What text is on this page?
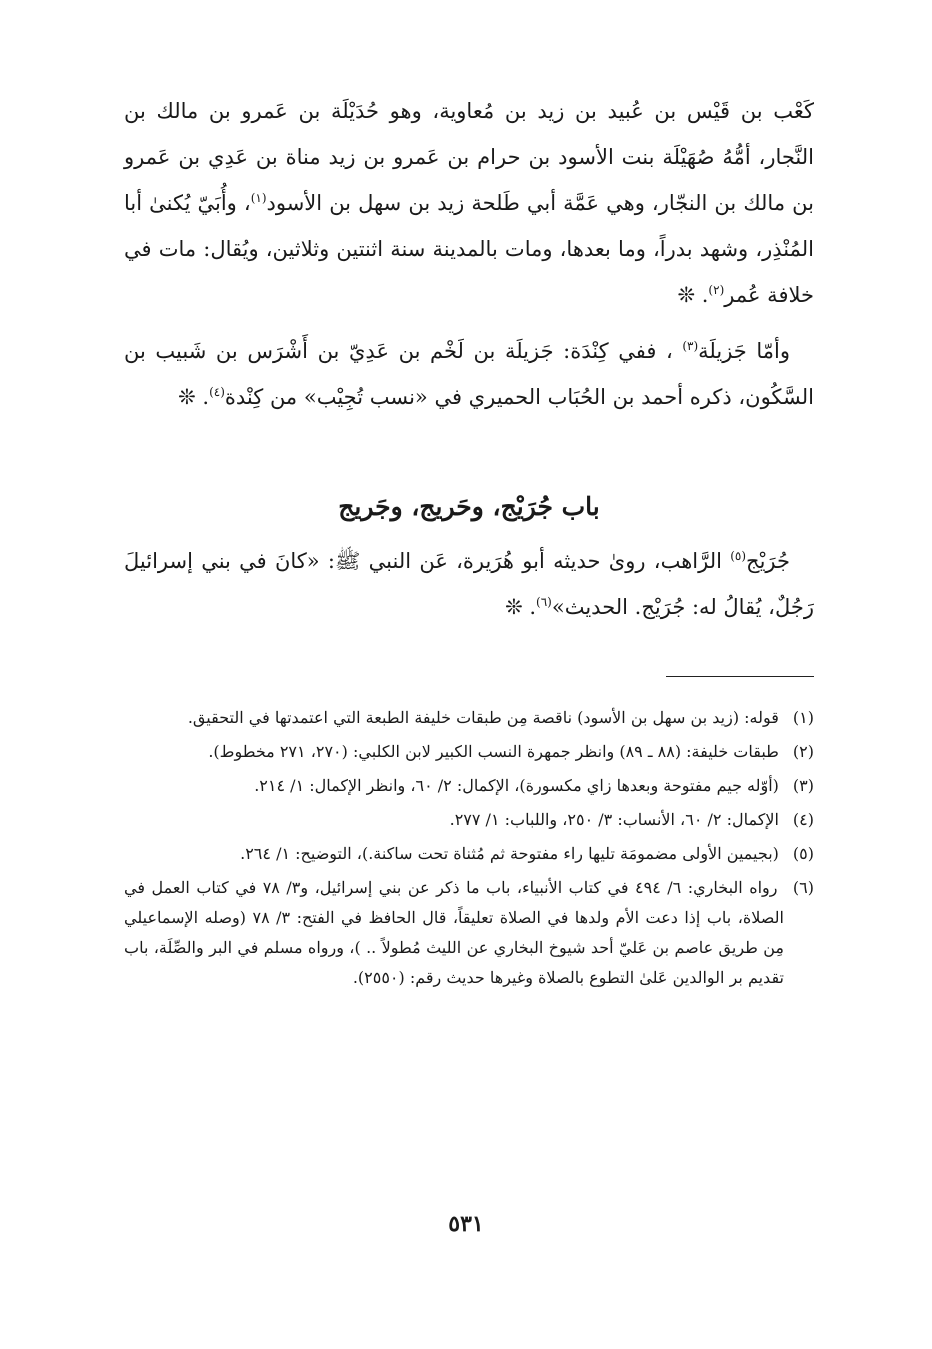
كَعْب بن قَيْس بن عُبيد بن زيد بن مُعاوية، وهو حُدَيْلَة بن عَمرو بن مالك بن النَّجار، أمُّهُ صُهَيْلَة بنت الأسود بن حرام بن عَمرو بن زيد مناة بن عَدِي بن عَمرو بن مالك بن النجّار، وهي عَمَّة أبي طَلحة زيد بن سهل بن الأسود$^{(١)}$، وأُبَيّ يُكنىٰ أبا المُنْذِر، وشهد بدراً، وما بعدها، ومات بالمدينة سنة اثنتين وثلاثين، ويُقال: مات في خلافة عُمر$^{(٢)}$. ❊

وأمّا جَزيلَة$^{(٣)}$ ، ففي كِنْدَة: جَزيلَة بن لَخْم بن عَدِيّ بن أَشْرَس بن شَبيب بن السَّكُون، ذكره أحمد بن الحُبَاب الحميري في «نسب تُجِيْب» من كِنْدة$^{(٤)}$. ❊

باب جُرَيْج، وحَريج، وجَريج

جُرَيْج$^{(٥)}$ الرَّاهب، روىٰ حديثه أبو هُرَيرة، عَن النبي ﷺ: «كانَ في بني إسرائيلَ رَجُلٌ، يُقالُ له: جُرَيْج. الحديث»$^{(٦)}$. ❊

(١) قوله: (زيد بن سهل بن الأسود) ناقصة مِن طبقات خليفة الطبعة التي اعتمدتها في التحقيق.

(٢) طبقات خليفة: (٨٨ ـ ٨٩) وانظر جمهرة النسب الكبير لابن الكلبي: (٢٧٠، ٢٧١ مخطوط).

(٣) (أوّله جيم مفتوحة وبعدها زاي مكسورة)، الإكمال: ٢/ ٦٠، وانظر الإكمال: ١/ ٢١٤.

(٤) الإكمال: ٢/ ٦٠، الأنساب: ٣/ ٢٥٠، واللباب: ١/ ٢٧٧.

(٥) (بجيمين الأولى مضمومَة تليها راء مفتوحة ثم مُثناة تحت ساكنة.)، التوضيح: ١/ ٢٦٤.

(٦) رواه البخاري: ٦/ ٤٩٤ في كتاب الأنبياء، باب ما ذكر عن بني إسرائيل، و٣/ ٧٨ في كتاب العمل في الصلاة، باب إذا دعت الأم ولدها في الصلاة تعليقاً، قال الحافظ في الفتح: ٣/ ٧٨ (وصله الإسماعيلي مِن طريق عاصم بن عَليّ أحد شيوخ البخاري عن الليث مُطولاً .. )، ورواه مسلم في البر والصِّلَة، باب تقديم بر الوالدين عَلىٰ التطوع بالصلاة وغيرها حديث رقم: (٢٥٥٠).

٥٣١
